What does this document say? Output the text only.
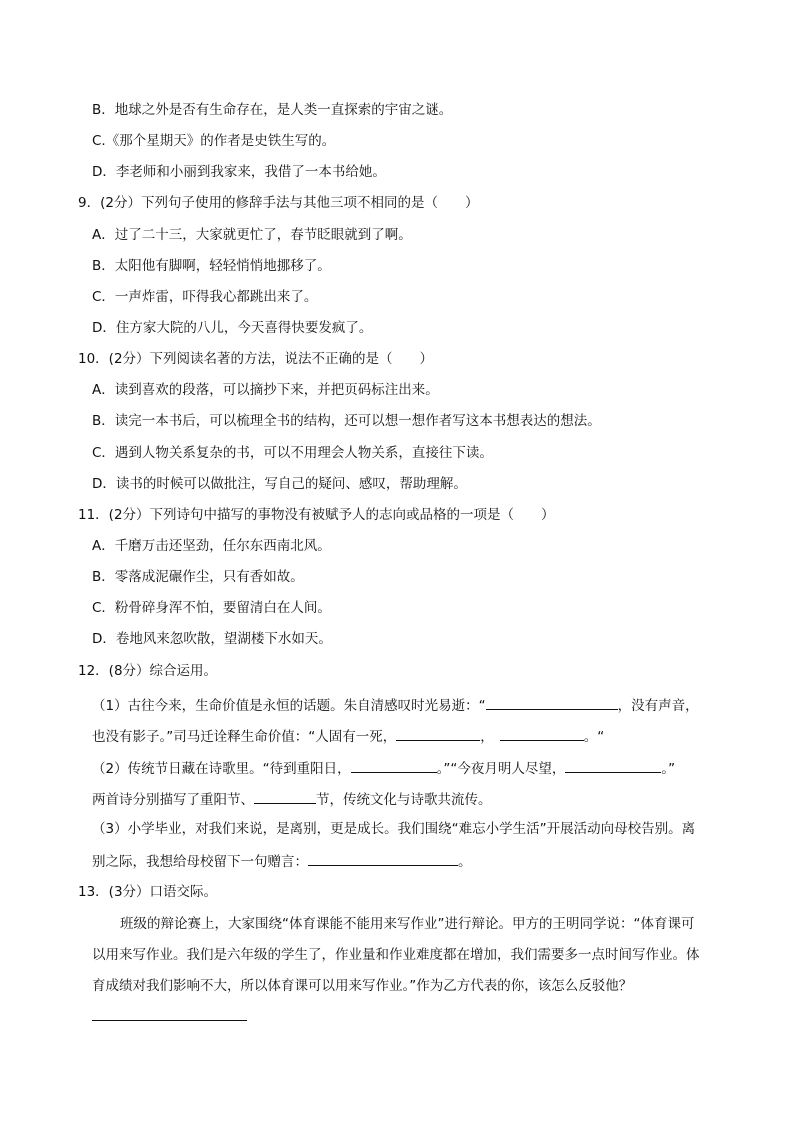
B．地球之外是否有生命存在，是人类一直探索的宇宙之谜。
C.《那个星期天》的作者是史铁生写的。
D．李老师和小丽到我家来，我借了一本书给她。
9．(2分）下列句子使用的修辞手法与其他三项不相同的是（　　）
A．过了二十三，大家就更忙了，春节眨眼就到了啊。
B．太阳他有脚啊，轻轻悄悄地挪移了。
C．一声炸雷，吓得我心都跳出来了。
D．住方家大院的八儿，今天喜得快要发疯了。
10．(2分）下列阅读名著的方法，说法不正确的是（　　）
A．读到喜欢的段落，可以摘抄下来，并把页码标注出来。
B．读完一本书后，可以梳理全书的结构，还可以想一想作者写这本书想表达的想法。
C．遇到人物关系复杂的书，可以不用理会人物关系，直接往下读。
D．读书的时候可以做批注，写自己的疑问、感叹，帮助理解。
11．(2分）下列诗句中描写的事物没有被赋予人的志向或品格的一项是（　　）
A．千磨万击还坚劲，任尔东西南北风。
B．零落成泥碾作尘，只有香如故。
C．粉骨碎身浑不怕，要留清白在人间。
D．卷地风来忽吹散，望湖楼下水如天。
12．(8分）综合运用。
（1）古往今来，生命价值是永恒的话题。朱自清感叹时光易逝：“	，没有声音，
也没有影子。”司马迁诠释生命价值：“人固有一死，	，	。“
（2）传统节日藏在诗歌里。“待到重阳日，	。”“今夜月明人尽望，	。”
两首诗分别描写了重阳节、	节，传统文化与诗歌共流传。
（3）小学毕业，对我们来说，是离别，更是成长。我们围绕“难忘小学生活”开展活动向母校告别。离
别之际，我想给母校留下一句赠言：	。
13．(3分）口语交际。
班级的辩论赛上，大家围绕“体育课能不能用来写作业”进行辩论。甲方的王明同学说：“体育课可
以用来写作业。我们是六年级的学生了，作业量和作业难度都在增加，我们需要多一点时间写作业。体
育成绩对我们影响不大，所以体育课可以用来写作业。”作为乙方代表的你，该怎么反驳他？
